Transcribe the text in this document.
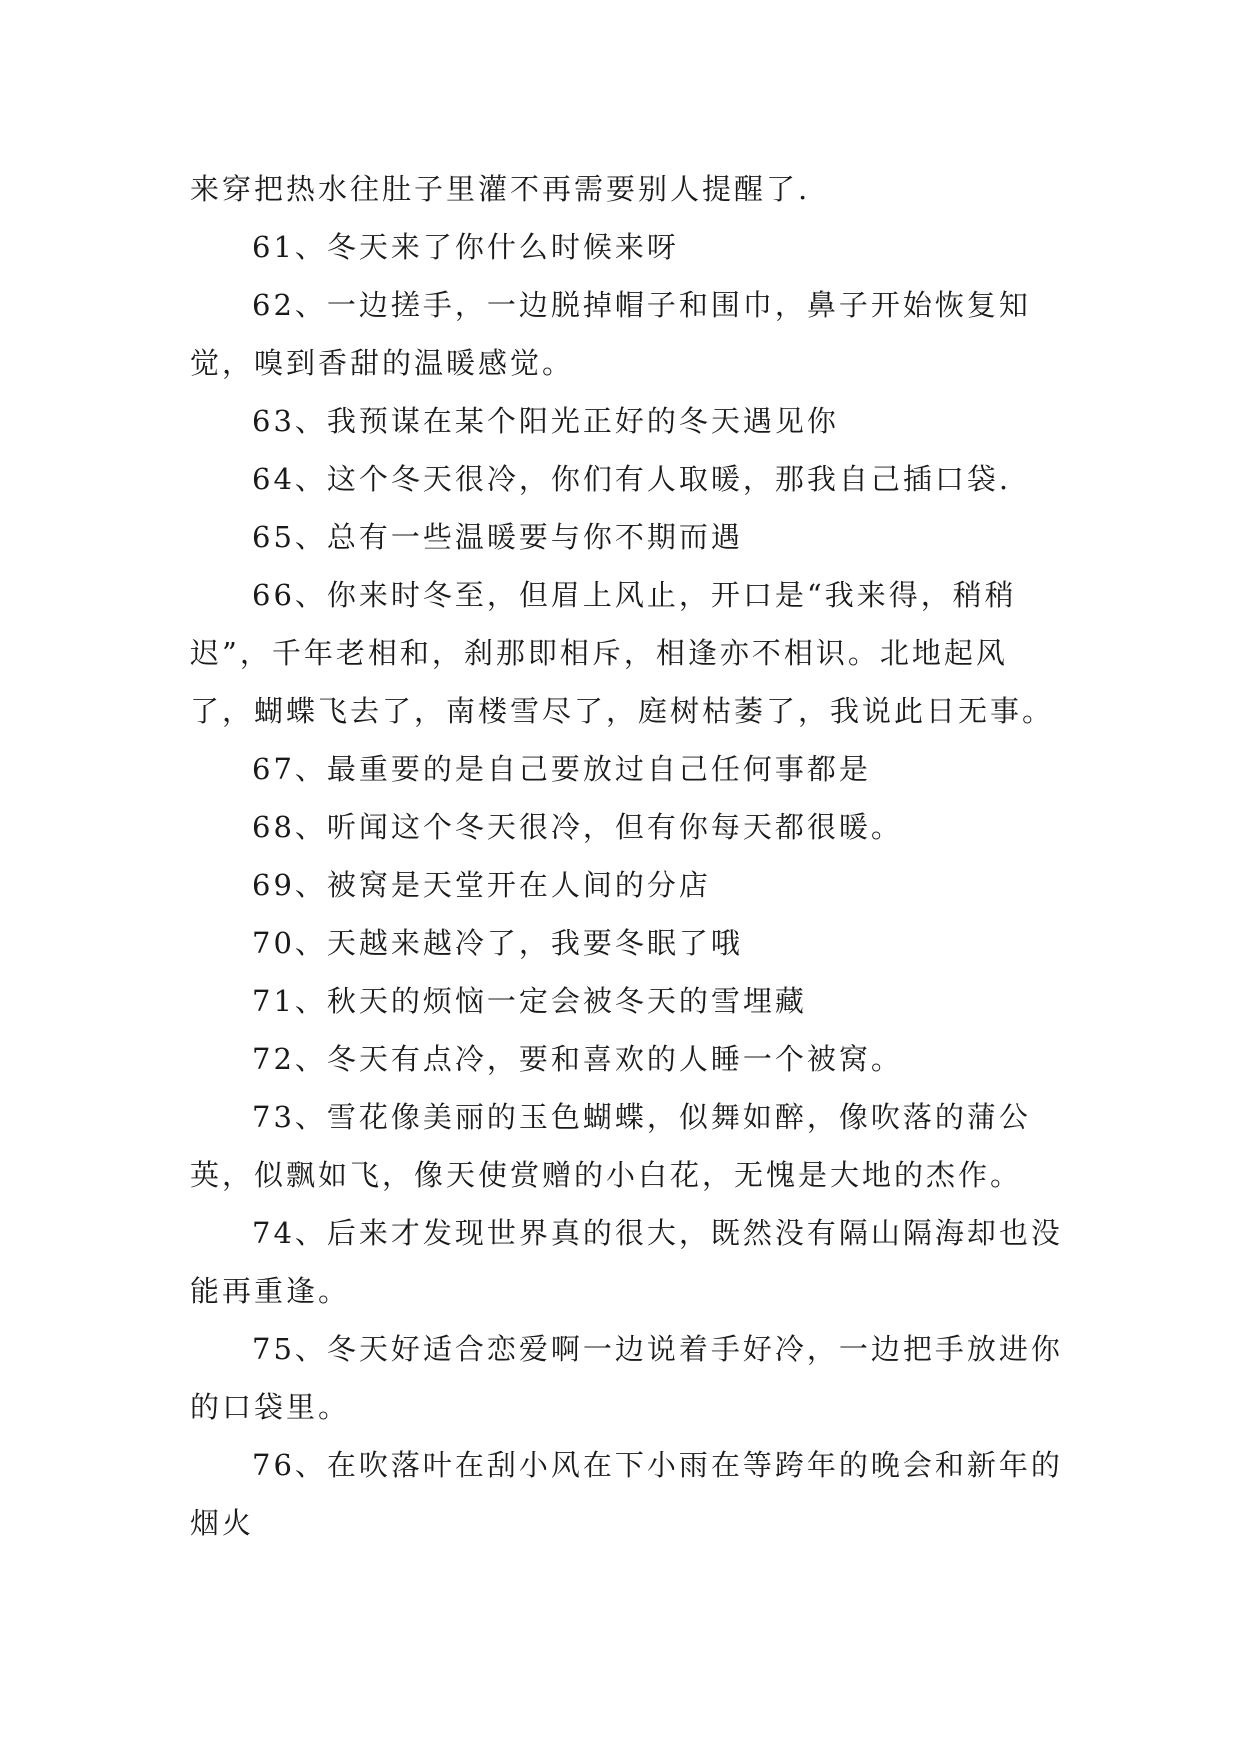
来穿把热水往肚子里灌不再需要别人提醒了.

61、冬天来了你什么时候来呀

62、一边搓手，一边脱掉帽子和围巾，鼻子开始恢复知觉，嗅到香甜的温暖感觉。

63、我预谋在某个阳光正好的冬天遇见你

64、这个冬天很冷，你们有人取暖，那我自己插口袋.

65、总有一些温暖要与你不期而遇

66、你来时冬至，但眉上风止，开口是“我来得，稍稍迟”，千年老相和，刹那即相斥，相逢亦不相识。北地起风了，蝴蝶飞去了，南楼雪尽了，庭树枯萎了，我说此日无事。

67、最重要的是自己要放过自己任何事都是

68、听闻这个冬天很冷，但有你每天都很暖。

69、被窝是天堂开在人间的分店

70、天越来越冷了，我要冬眠了哦

71、秋天的烦恼一定会被冬天的雪埋藏

72、冬天有点冷，要和喜欢的人睡一个被窝。

73、雪花像美丽的玉色蝴蝶，似舞如醉，像吹落的蒲公英，似飘如飞，像天使赏赠的小白花，无愧是大地的杰作。

74、后来才发现世界真的很大，既然没有隔山隔海却也没能再重逢。

75、冬天好适合恋爱啊一边说着手好冷，一边把手放进你的口袋里。

76、在吹落叶在刮小风在下小雨在等跨年的晚会和新年的烟火
